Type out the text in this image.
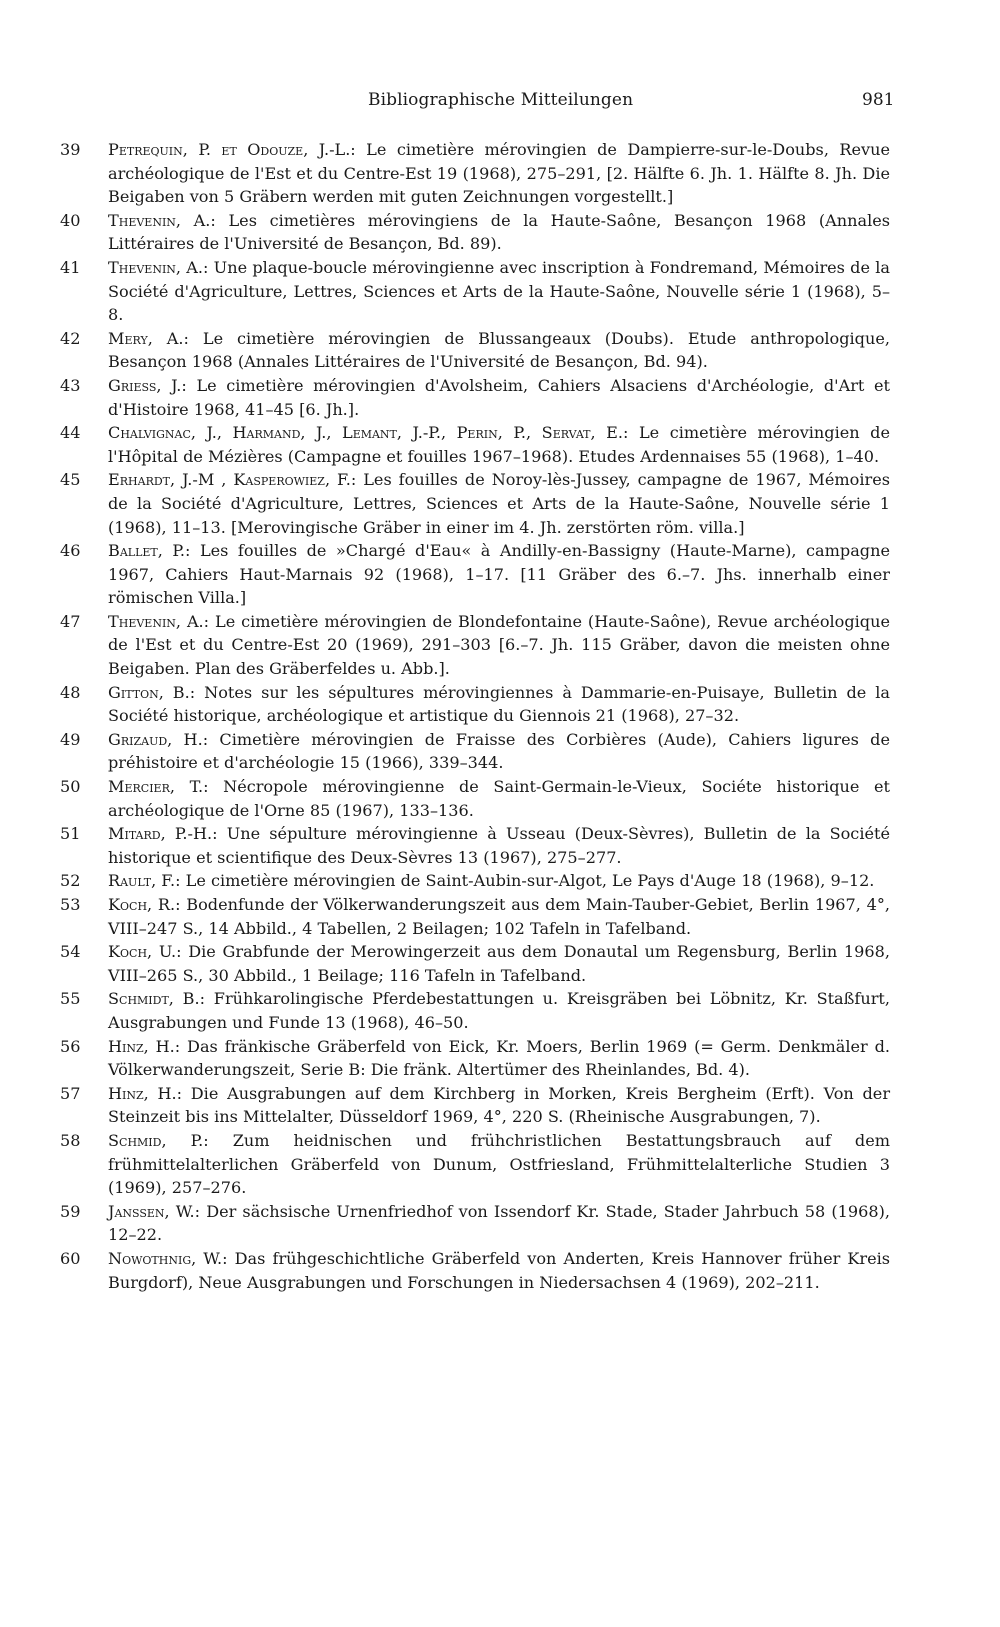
Bibliographische Mitteilungen	981

39	Petrequin, P. et Odouze, J.-L.: Le cimetière mérovingien de Dampierre-sur-le-Doubs, Revue archéologique de l'Est et du Centre-Est 19 (1968), 275–291, [2. Hälfte 6. Jh. 1. Hälfte 8. Jh. Die Beigaben von 5 Gräbern werden mit guten Zeichnungen vorgestellt.]

40	Thevenin, A.: Les cimetières mérovingiens de la Haute-Saône, Besançon 1968 (Annales Littéraires de l'Université de Besançon, Bd. 89).

41	Thevenin, A.: Une plaque-boucle mérovingienne avec inscription à Fondremand, Mémoires de la Société d'Agriculture, Lettres, Sciences et Arts de la Haute-Saône, Nouvelle série 1 (1968), 5–8.

42	Mery, A.: Le cimetière mérovingien de Blussangeaux (Doubs). Etude anthropologique, Besançon 1968 (Annales Littéraires de l'Université de Besançon, Bd. 94).

43	Griess, J.: Le cimetière mérovingien d'Avolsheim, Cahiers Alsaciens d'Archéologie, d'Art et d'Histoire 1968, 41–45 [6. Jh.].

44	Chalvignac, J., Harmand, J., Lemant, J.-P., Perin, P., Servat, E.: Le cimetière mérovingien de l'Hôpital de Mézières (Campagne et fouilles 1967–1968). Etudes Ardennaises 55 (1968), 1–40.

45	Erhardt, J.-M , Kasperowiez, F.: Les fouilles de Noroy-lès-Jussey, campagne de 1967, Mémoires de la Société d'Agriculture, Lettres, Sciences et Arts de la Haute-Saône, Nouvelle série 1 (1968), 11–13. [Merovingische Gräber in einer im 4. Jh. zerstörten röm. villa.]

46	Ballet, P.: Les fouilles de »Chargé d'Eau« à Andilly-en-Bassigny (Haute-Marne), campagne 1967, Cahiers Haut-Marnais 92 (1968), 1–17. [11 Gräber des 6.–7. Jhs. innerhalb einer römischen Villa.]

47	Thevenin, A.: Le cimetière mérovingien de Blondefontaine (Haute-Saône), Revue archéologique de l'Est et du Centre-Est 20 (1969), 291–303 [6.–7. Jh. 115 Gräber, davon die meisten ohne Beigaben. Plan des Gräberfeldes u. Abb.].

48	Gitton, B.: Notes sur les sépultures mérovingiennes à Dammarie-en-Puisaye, Bulletin de la Société historique, archéologique et artistique du Giennois 21 (1968), 27–32.

49	Grizaud, H.: Cimetière mérovingien de Fraisse des Corbières (Aude), Cahiers ligures de préhistoire et d'archéologie 15 (1966), 339–344.

50	Mercier, T.: Nécropole mérovingienne de Saint-Germain-le-Vieux, Sociéte historique et archéologique de l'Orne 85 (1967), 133–136.

51	Mitard, P.-H.: Une sépulture mérovingienne à Usseau (Deux-Sèvres), Bulletin de la Société historique et scientifique des Deux-Sèvres 13 (1967), 275–277.

52	Rault, F.: Le cimetière mérovingien de Saint-Aubin-sur-Algot, Le Pays d'Auge 18 (1968), 9–12.

53	Koch, R.: Bodenfunde der Völkerwanderungszeit aus dem Main-Tauber-Gebiet, Berlin 1967, 4°, VIII–247 S., 14 Abbild., 4 Tabellen, 2 Beilagen; 102 Tafeln in Tafelband.

54	Koch, U.: Die Grabfunde der Merowingerzeit aus dem Donautal um Regensburg, Berlin 1968, VIII–265 S., 30 Abbild., 1 Beilage; 116 Tafeln in Tafelband.

55	Schmidt, B.: Frühkarolingische Pferdebestattungen u. Kreisgräben bei Löbnitz, Kr. Staßfurt, Ausgrabungen und Funde 13 (1968), 46–50.

56	Hinz, H.: Das fränkische Gräberfeld von Eick, Kr. Moers, Berlin 1969 (= Germ. Denkmäler d. Völkerwanderungszeit, Serie B: Die fränk. Altertümer des Rheinlandes, Bd. 4).

57	Hinz, H.: Die Ausgrabungen auf dem Kirchberg in Morken, Kreis Bergheim (Erft). Von der Steinzeit bis ins Mittelalter, Düsseldorf 1969, 4°, 220 S. (Rheinische Ausgrabungen, 7).

58	Schmid, P.: Zum heidnischen und frühchristlichen Bestattungsbrauch auf dem frühmittelalterlichen Gräberfeld von Dunum, Ostfriesland, Frühmittelalterliche Studien 3 (1969), 257–276.

59	Janssen, W.: Der sächsische Urnenfriedhof von Issendorf Kr. Stade, Stader Jahrbuch 58 (1968), 12–22.

60	Nowothnig, W.: Das frühgeschichtliche Gräberfeld von Anderten, Kreis Hannover früher Kreis Burgdorf), Neue Ausgrabungen und Forschungen in Niedersachsen 4 (1969), 202–211.
